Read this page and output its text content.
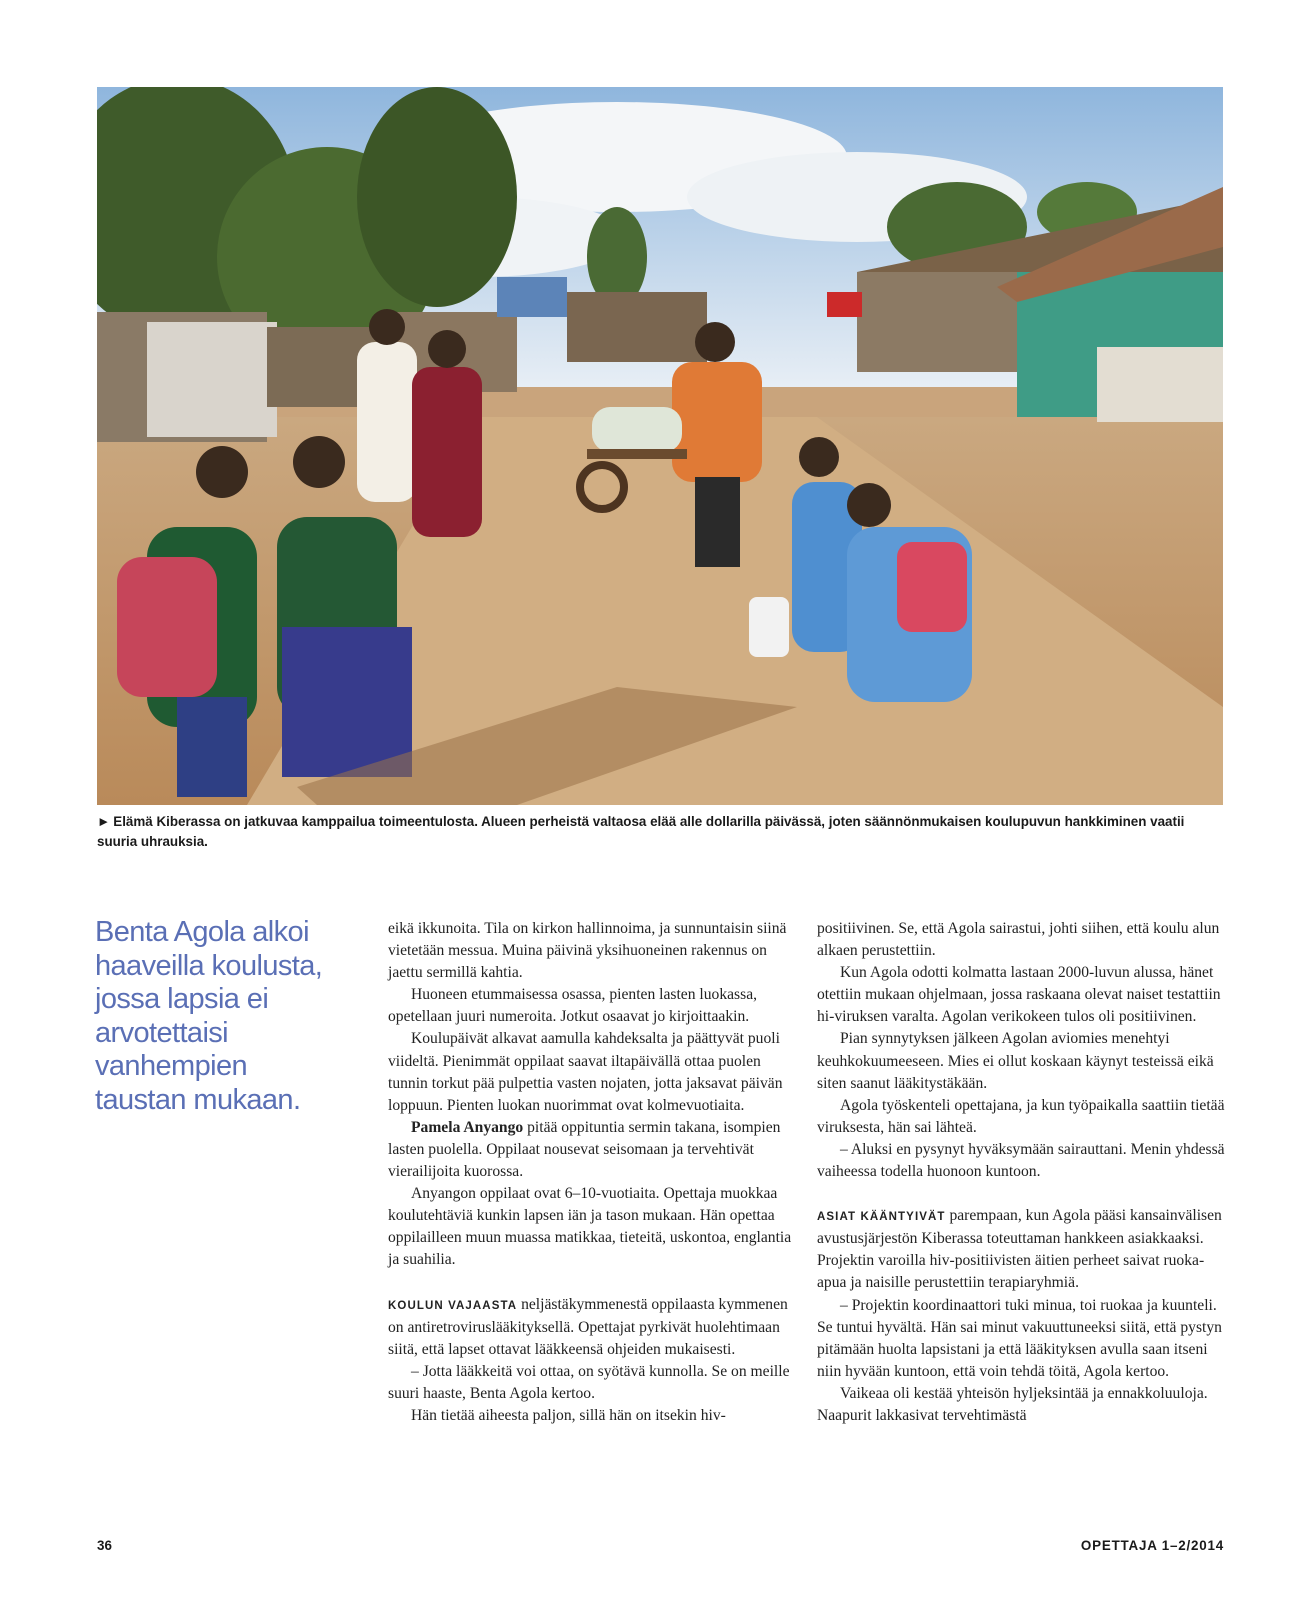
► Elämä Kiberassa on jatkuvaa kamppailua toimeentulosta. Alueen perheistä valtaosa elää alle dollarilla päivässä, joten säännönmukaisen koulupuvun hankkiminen vaatii suuria uhrauksia.
Benta Agola alkoi haaveilla koulusta, jossa lapsia ei arvotettaisi vanhempien taustan mukaan.

eikä ikkunoita. Tila on kirkon hallinnoima, ja sunnuntaisin siinä vietetään messua. Muina päivinä yksihuoneinen rakennus on jaettu sermillä kahtia.

Huoneen etummaisessa osassa, pienten lasten luokassa, opetellaan juuri numeroita. Jotkut osaavat jo kirjoittaakin.

Koulupäivät alkavat aamulla kahdeksalta ja päättyvät puoli viideltä. Pienimmät oppilaat saavat iltapäivällä ottaa puolen tunnin torkut pää pulpettia vasten nojaten, jotta jaksavat päivän loppuun. Pienten luokan nuorimmat ovat kolmevuotiaita.

Pamela Anyango pitää oppituntia sermin takana, isompien lasten puolella. Oppilaat nousevat seisomaan ja tervehtivät vierailijoita kuorossa.

Anyangon oppilaat ovat 6–10-vuotiaita. Opettaja muokkaa koulutehtäviä kunkin lapsen iän ja tason mukaan. Hän opettaa oppilailleen muun muassa matikkaa, tieteitä, uskontoa, englantia ja suahilia.

KOULUN VAJAASTA neljästäkymmenestä oppilaasta kymmenen on antiretroviruslääkityksellä. Opettajat pyrkivät huolehtimaan siitä, että lapset ottavat lääkkeensä ohjeiden mukaisesti.

– Jotta lääkkeitä voi ottaa, on syötävä kunnolla. Se on meille suuri haaste, Benta Agola kertoo.

Hän tietää aiheesta paljon, sillä hän on itsekin hiv-

positiivinen. Se, että Agola sairastui, johti siihen, että koulu alun alkaen perustettiin.

Kun Agola odotti kolmatta lastaan 2000-luvun alussa, hänet otettiin mukaan ohjelmaan, jossa raskaana olevat naiset testattiin hi-viruksen varalta. Agolan verikokeen tulos oli positiivinen.

Pian synnytyksen jälkeen Agolan aviomies menehtyi keuhkokuumeeseen. Mies ei ollut koskaan käynyt testeissä eikä siten saanut lääkitystäkään.

Agola työskenteli opettajana, ja kun työpaikalla saattiin tietää viruksesta, hän sai lähteä.

– Aluksi en pysynyt hyväksymään sairauttani. Menin yhdessä vaiheessa todella huonoon kuntoon.

ASIAT KÄÄNTYIVÄT parempaan, kun Agola pääsi kansainvälisen avustusjärjestön Kiberassa toteuttaman hankkeen asiakkaaksi. Projektin varoilla hiv-positiivisten äitien perheet saivat ruoka-apua ja naisille perustettiin terapiaryhmiä.

– Projektin koordinaattori tuki minua, toi ruokaa ja kuunteli. Se tuntui hyvältä. Hän sai minut vakuuttuneeksi siitä, että pystyn pitämään huolta lapsistani ja että lääkityksen avulla saan itseni niin hyvään kuntoon, että voin tehdä töitä, Agola kertoo.

Vaikeaa oli kestää yhteisön hyljeksintää ja ennakkoluuloja. Naapurit lakkasivat tervehtimästä

36	OPETTAJA 1–2/2014
